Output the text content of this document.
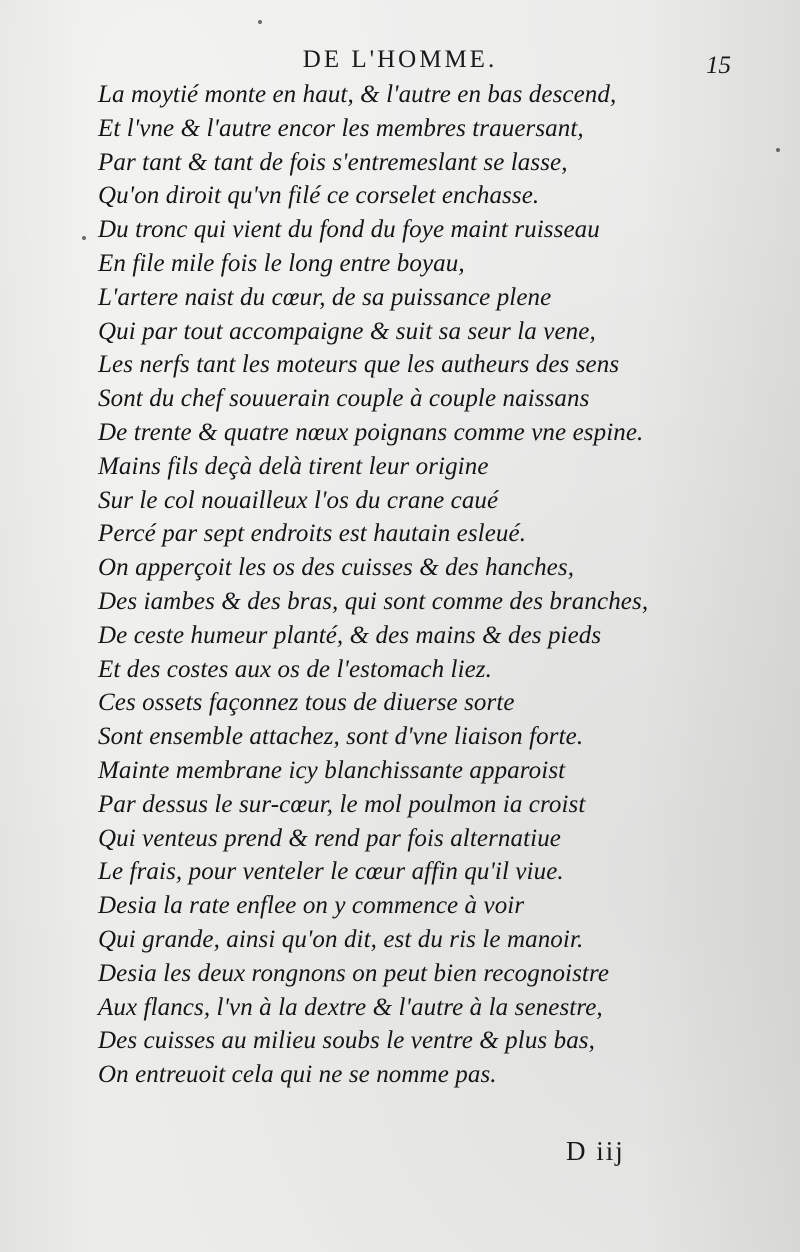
DE L'HOMME.	15
La moytié monte en haut, & l'autre en bas descend,
Et l'vne & l'autre encor les membres trauersant,
Par tant & tant de fois s'entremeslant se lasse,
Qu'on diroit qu'vn filé ce corselet enchasse.
Du tronc qui vient du fond du foye maint ruisseau
En file mile fois le long entre boyau,
L'artere naist du cœur, de sa puissance plene
Qui par tout accompaigne & suit sa seur la vene,
Les nerfs tant les moteurs que les autheurs des sens
Sont du chef souuerain couple à couple naissans
De trente & quatre nœux poignans comme vne espine.
Mains fils deçà delà tirent leur origine
Sur le col nouailleux l'os du crane caué
Percé par sept endroits est hautain esleué.
On apperçoit les os des cuisses & des hanches,
Des iambes & des bras, qui sont comme des branches,
De ceste humeur planté, & des mains & des pieds
Et des costes aux os de l'estomach liez.
Ces ossets façonnez tous de diuerse sorte
Sont ensemble attachez, sont d'vne liaison forte.
Mainte membrane icy blanchissante apparoist
Par dessus le sur-cœur, le mol poulmon ia croist
Qui venteus prend & rend par fois alternatiue
Le frais, pour venteler le cœur affin qu'il viue.
Desia la rate enflee on y commence à voir
Qui grande, ainsi qu'on dit, est du ris le manoir.
Desia les deux rongnons on peut bien recognoistre
Aux flancs, l'vn à la dextre & l'autre à la senestre,
Des cuisses au milieu soubs le ventre & plus bas,
On entreuoit cela qui ne se nomme pas.
D iij
